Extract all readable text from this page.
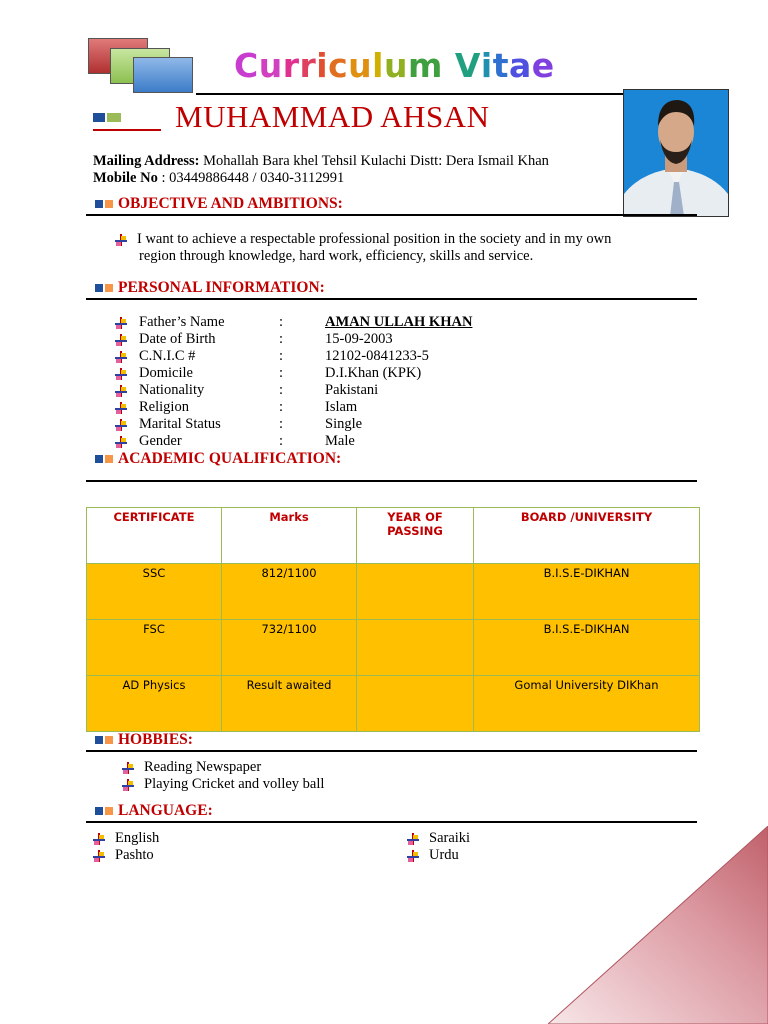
Curriculum Vitae
MUHAMMAD AHSAN
Mailing Address: Mohallah Bara khel Tehsil Kulachi Distt: Dera Ismail Khan
Mobile No : 03449886448 / 0340-3112991
OBJECTIVE AND AMBITIONS:
I want to achieve a respectable professional position in the society and in my own
region through knowledge, hard work, efficiency, skills and service.
PERSONAL INFORMATION:
Father’s Name	:	AMAN ULLAH KHAN
Date of Birth	:	15-09-2003
C.N.I.C #	:	12102-0841233-5
Domicile	:	D.I.Khan (KPK)
Nationality	:	Pakistani
Religion	:	Islam
Marital Status	:	Single
Gender	:	Male
ACADEMIC QUALIFICATION:
CERTIFICATE	Marks	YEAR OF PASSING	BOARD /UNIVERSITY
SSC	812/1100		B.I.S.E-DIKHAN
FSC	732/1100		B.I.S.E-DIKHAN
AD Physics	Result awaited		Gomal University DIKhan
HOBBIES:
Reading Newspaper
Playing Cricket and volley ball
LANGUAGE:
English
Pashto
Saraiki
Urdu
